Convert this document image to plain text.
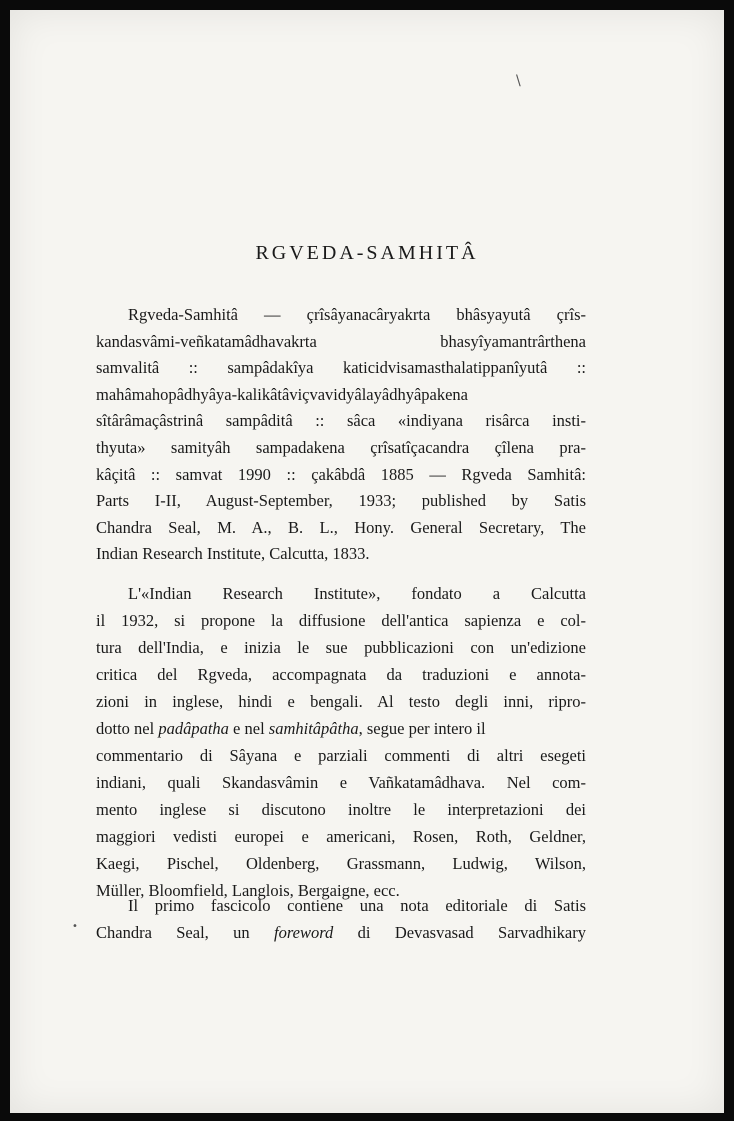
\
•
RGVEDA-SAMHITÂ
Rgveda-Samhitâ — çrîsâyanacâryakrta bhâsyayutâ çrîs-
kandasvâmi-veñkatamâdhavakrta bhasyîyamantrârthena
samvalitâ :: sampâdakîya katicidvisamasthalatippanîyutâ ::
mahâmahopâdhyâya-kalikâtâviçvavidyâlayâdhyâpakena
sîtârâmaçâstrinâ sampâditâ :: sâca «indiyana risârca insti-
thyuta» samityâh sampadakena çrîsatîçacandra çîlena pra-
kâçitâ :: samvat 1990 :: çakâbdâ 1885 — Rgveda Samhitâ:
Parts I-II, August-September, 1933; published by Satis
Chandra Seal, M. A., B. L., Hony. General Secretary, The
Indian Research Institute, Calcutta, 1833.
L'«Indian Research Institute», fondato a Calcutta
il 1932, si propone la diffusione dell'antica sapienza e col-
tura dell'India, e inizia le sue pubblicazioni con un'edizione
critica del Rgveda, accompagnata da traduzioni e annota-
zioni in inglese, hindi e bengali. Al testo degli inni, ripro-
dotto nel padâpatha e nel samhitâpâtha, segue per intero il
commentario di Sâyana e parziali commenti di altri esegeti
indiani, quali Skandasvâmin e Vañkatamâdhava. Nel com-
mento inglese si discutono inoltre le interpretazioni dei
maggiori vedisti europei e americani, Rosen, Roth, Geldner,
Kaegi, Pischel, Oldenberg, Grassmann, Ludwig, Wilson,
Müller, Bloomfield, Langlois, Bergaigne, ecc.
Il primo fascicolo contiene una nota editoriale di Satis
Chandra Seal, un foreword di Devasvasad Sarvadhikary
